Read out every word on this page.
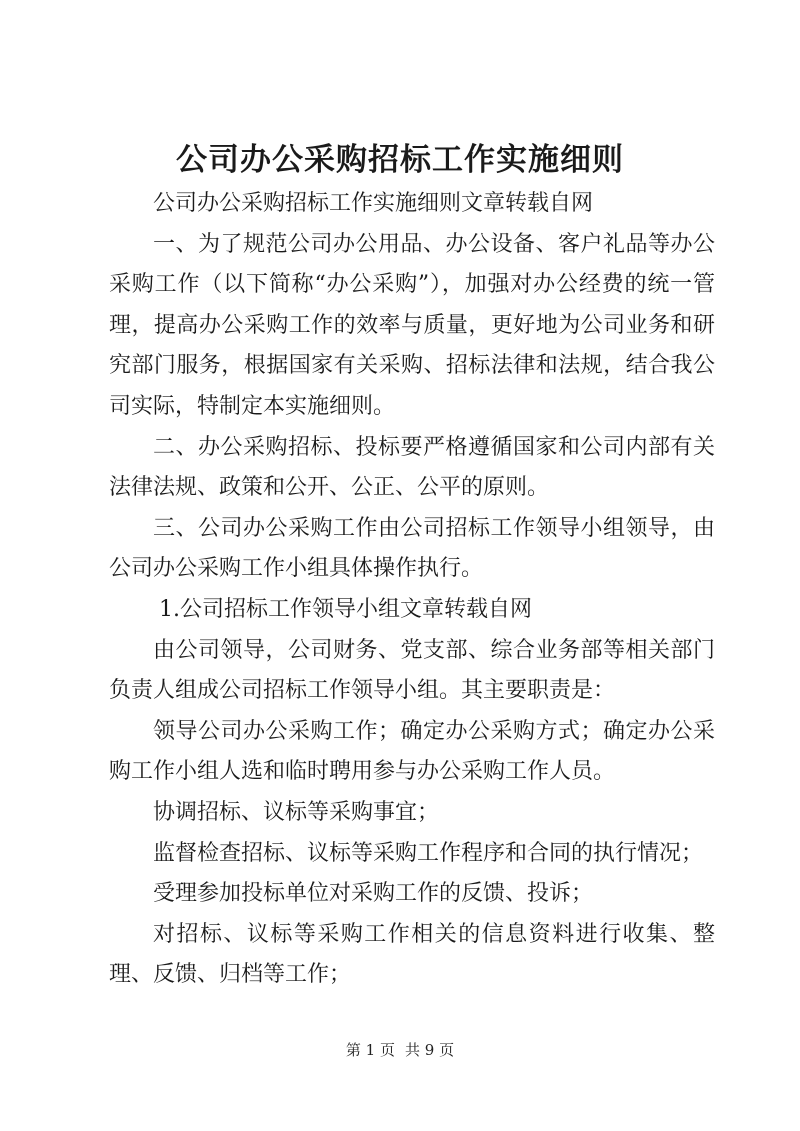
公司办公采购招标工作实施细则

公司办公采购招标工作实施细则文章转载自网

一、为了规范公司办公用品、办公设备、客户礼品等办公采购工作（以下简称“办公采购”），加强对办公经费的统一管理，提高办公采购工作的效率与质量，更好地为公司业务和研究部门服务，根据国家有关采购、招标法律和法规，结合我公司实际，特制定本实施细则。

二、办公采购招标、投标要严格遵循国家和公司内部有关法律法规、政策和公开、公正、公平的原则。

三、公司办公采购工作由公司招标工作领导小组领导，由公司办公采购工作小组具体操作执行。

1.公司招标工作领导小组文章转载自网

由公司领导，公司财务、党支部、综合业务部等相关部门负责人组成公司招标工作领导小组。其主要职责是：

领导公司办公采购工作；确定办公采购方式；确定办公采购工作小组人选和临时聘用参与办公采购工作人员。

协调招标、议标等采购事宜；

监督检查招标、议标等采购工作程序和合同的执行情况；

受理参加投标单位对采购工作的反馈、投诉；

对招标、议标等采购工作相关的信息资料进行收集、整理、反馈、归档等工作；

第 1 页 共 9 页
